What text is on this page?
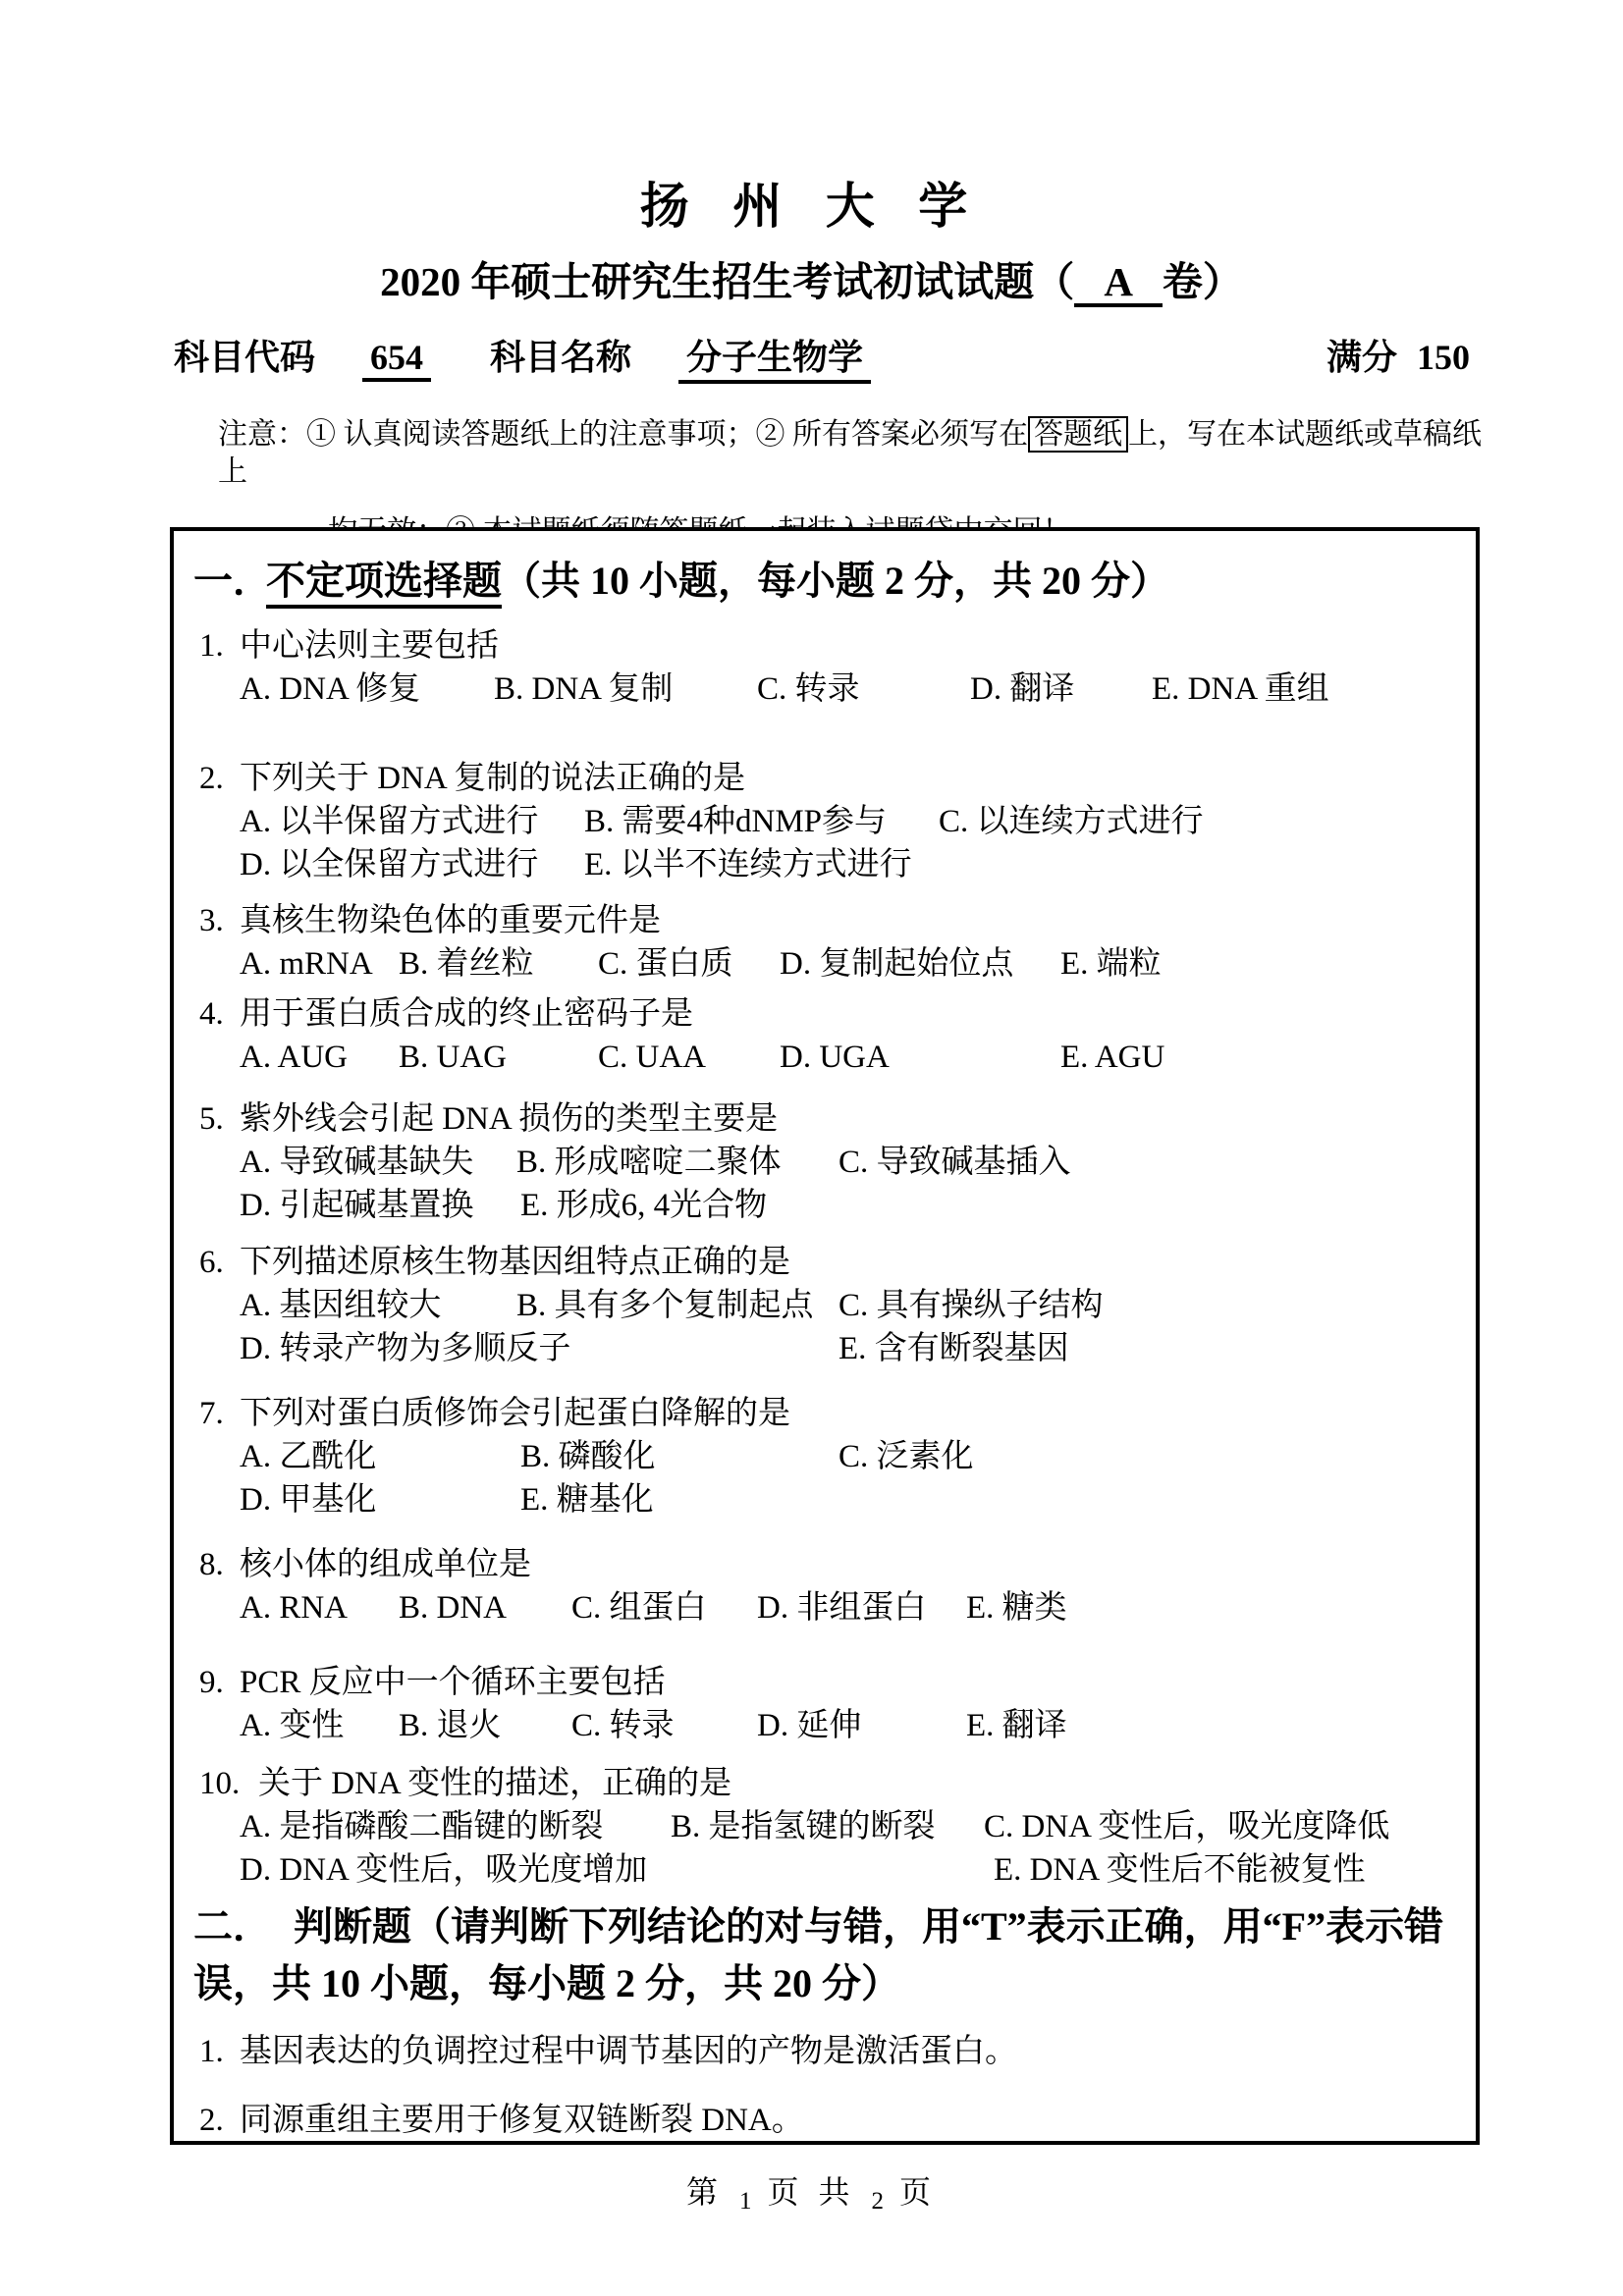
扬 州 大 学
2020 年硕士研究生招生考试初试试题（ A 卷）
科目代码 654 科目名称 分子生物学	满分 150
注意：① 认真阅读答题纸上的注意事项；② 所有答案必须写在 答题纸 上，写在本试题纸或草稿纸上
一．不定项选择题（共 10 小题，每小题 2 分，共 20 分）
1. 中心法则主要包括
A. DNA 修复 B. DNA 复制	C. 转录	D. 翻译 E. DNA 重组
2. 下列关于 DNA 复制的说法正确的是
A. 以半保留方式进行 B. 需要4种dNMP参与 C. 以连续方式进行
D. 以全保留方式进行 E. 以半不连续方式进行
3. 真核生物染色体的重要元件是
A. mRNA B. 着丝粒 C. 蛋白质 D. 复制起始位点 E. 端粒
4. 用于蛋白质合成的终止密码子是
A. AUG B. UAG	C. UAA D. UGA	E. AGU
5. 紫外线会引起 DNA 损伤的类型主要是
A. 导致碱基缺失 B. 形成嘧啶二聚体 C. 导致碱基插入
D. 引起碱基置换 E. 形成6, 4光合物
6. 下列描述原核生物基因组特点正确的是
A. 基因组较大 B. 具有多个复制起点 C. 具有操纵子结构
D. 转录产物为多顺反子	E. 含有断裂基因
7. 下列对蛋白质修饰会引起蛋白降解的是
A. 乙酰化	B. 磷酸化	C. 泛素化
D. 甲基化	E. 糖基化
8. 核小体的组成单位是
A. RNA B. DNA C. 组蛋白 D. 非组蛋白 E. 糖类
9. PCR 反应中一个循环主要包括
A. 变性 B. 退火 C. 转录	D. 延伸	E. 翻译
10. 关于 DNA 变性的描述，正确的是
A. 是指磷酸二酯键的断裂 B. 是指氢键的断裂 C. DNA 变性后，吸光度降低
D. DNA 变性后，吸光度增加	E. DNA 变性后不能被复性
二． 判断题（请判断下列结论的对与错，用“T”表示正确，用“F”表示错
误，共 10 小题，每小题 2 分，共 20 分）
1. 基因表达的负调控过程中调节基因的产物是激活蛋白。
2. 同源重组主要用于修复双链断裂 DNA。
第 1 页 共 2 页
